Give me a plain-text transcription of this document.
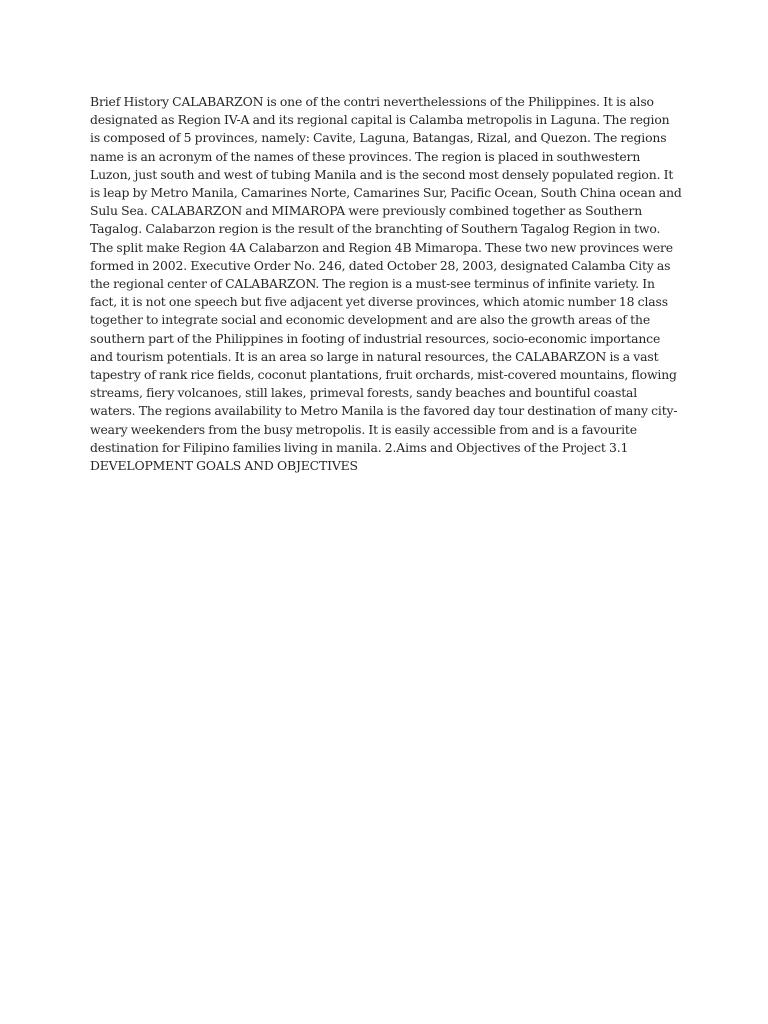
Brief History CALABARZON is one of the contri neverthelessions of the Philippines. It is also designated as Region IV-A and its regional capital is Calamba metropolis in Laguna. The region is composed of 5 provinces, namely: Cavite, Laguna, Batangas, Rizal, and Quezon. The regions name is an acronym of the names of these provinces. The region is placed in southwestern Luzon, just south and west of tubing Manila and is the second most densely populated region. It is leap by Metro Manila, Camarines Norte, Camarines Sur, Pacific Ocean, South China ocean and Sulu Sea. CALABARZON and MIMAROPA were previously combined together as Southern Tagalog. Calabarzon region is the result of the branchting of Southern Tagalog Region in two. The split make Region 4A Calabarzon and Region 4B Mimaropa. These two new provinces were formed in 2002. Executive Order No. 246, dated October 28, 2003, designated Calamba City as the regional center of CALABARZON. The region is a must-see terminus of infinite variety. In fact, it is not one speech but five adjacent yet diverse provinces, which atomic number 18 class together to integrate social and economic development and are also the growth areas of the southern part of the Philippines in footing of industrial resources, socio-economic importance and tourism potentials. It is an area so large in natural resources, the CALABARZON is a vast tapestry of rank rice fields, coconut plantations, fruit orchards, mist-covered mountains, flowing streams, fiery volcanoes, still lakes, primeval forests, sandy beaches and bountiful coastal waters. The regions availability to Metro Manila is the favored day tour destination of many city-weary weekenders from the busy metropolis. It is easily accessible from and is a favourite destination for Filipino families living in manila. 2.Aims and Objectives of the Project 3.1 DEVELOPMENT GOALS AND OBJECTIVES
